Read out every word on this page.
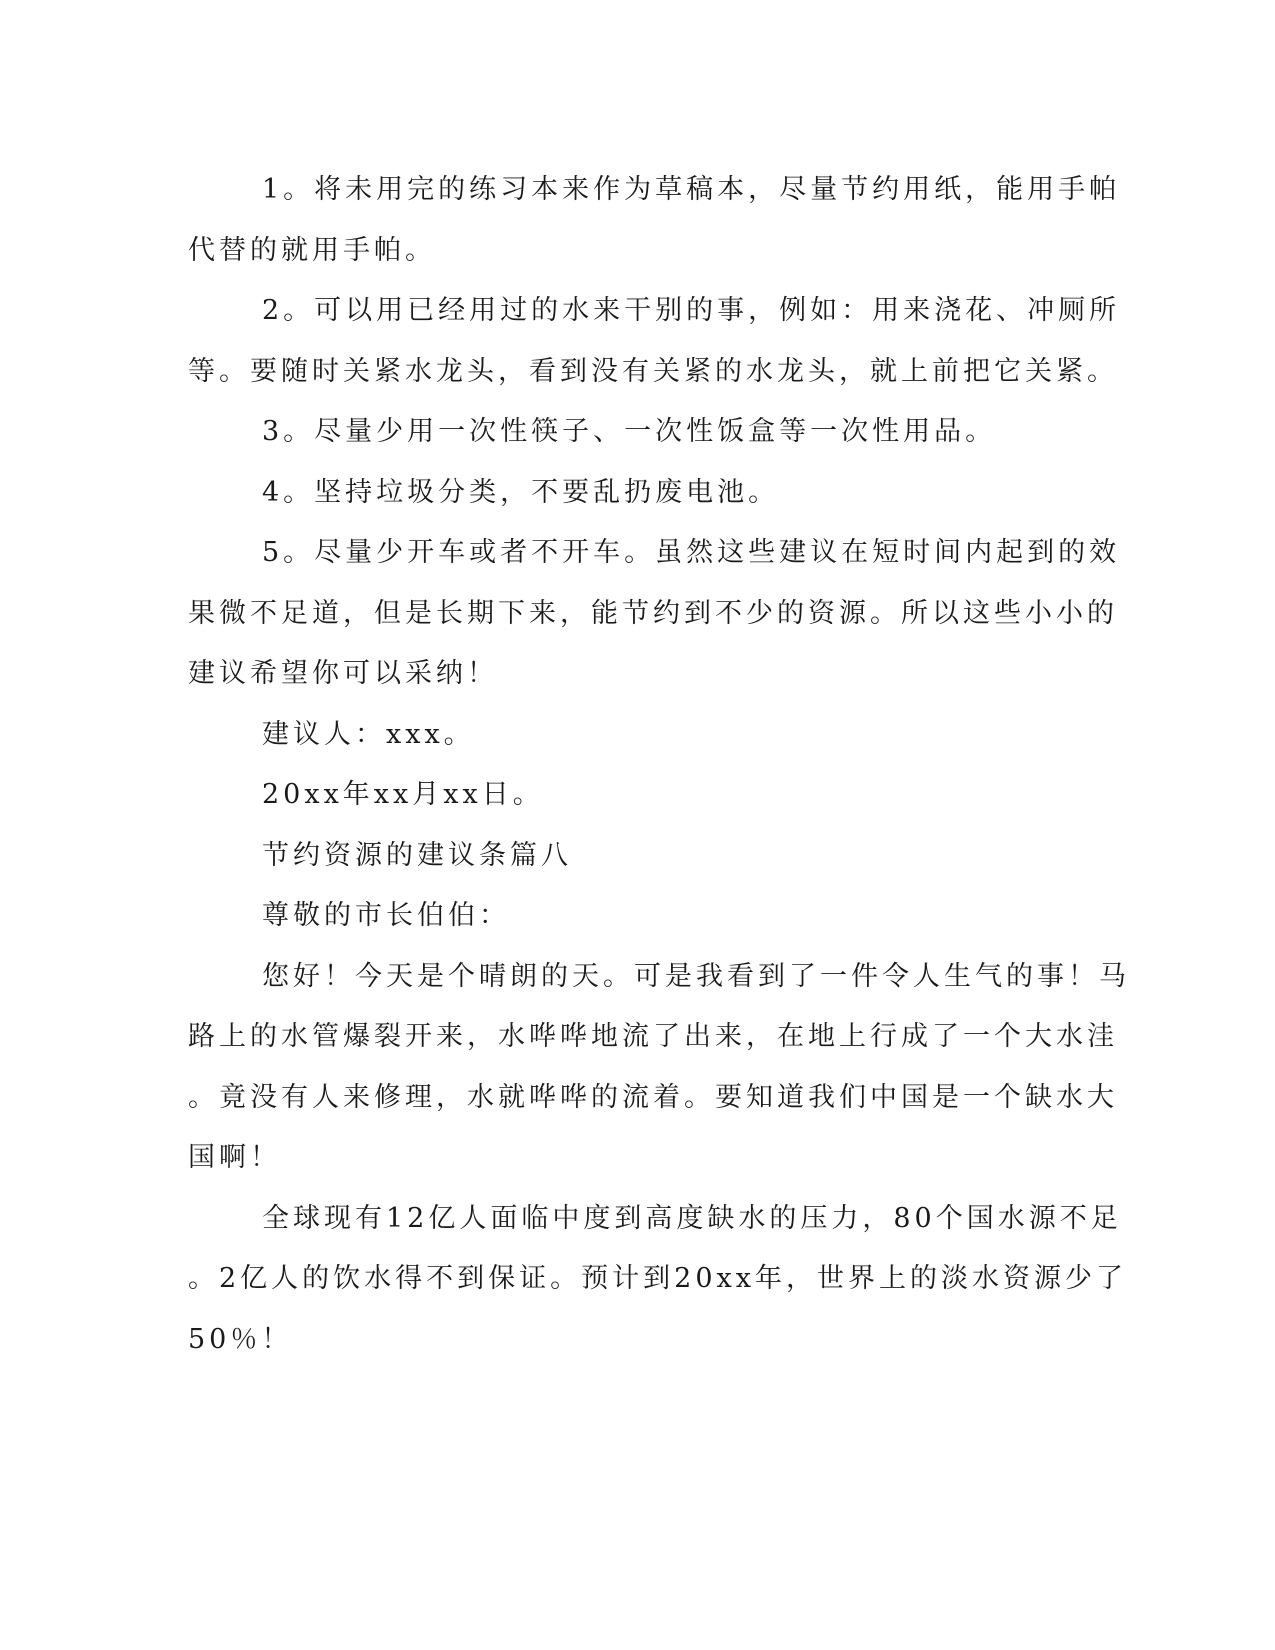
1。将未用完的练习本来作为草稿本，尽量节约用纸，能用手帕
代替的就用手帕。
2。可以用已经用过的水来干别的事，例如：用来浇花、冲厕所
等。要随时关紧水龙头，看到没有关紧的水龙头，就上前把它关紧。
3。尽量少用一次性筷子、一次性饭盒等一次性用品。
4。坚持垃圾分类，不要乱扔废电池。
5。尽量少开车或者不开车。虽然这些建议在短时间内起到的效
果微不足道，但是长期下来，能节约到不少的资源。所以这些小小的
建议希望你可以采纳！
建议人：xxx。
20xx年xx月xx日。
节约资源的建议条篇八
尊敬的市长伯伯：
您好！今天是个晴朗的天。可是我看到了一件令人生气的事！马
路上的水管爆裂开来，水哗哗地流了出来，在地上行成了一个大水洼
。竟没有人来修理，水就哗哗的流着。要知道我们中国是一个缺水大
国啊！
全球现有12亿人面临中度到高度缺水的压力，80个国水源不足
。2亿人的饮水得不到保证。预计到20xx年，世界上的淡水资源少了
50％！
